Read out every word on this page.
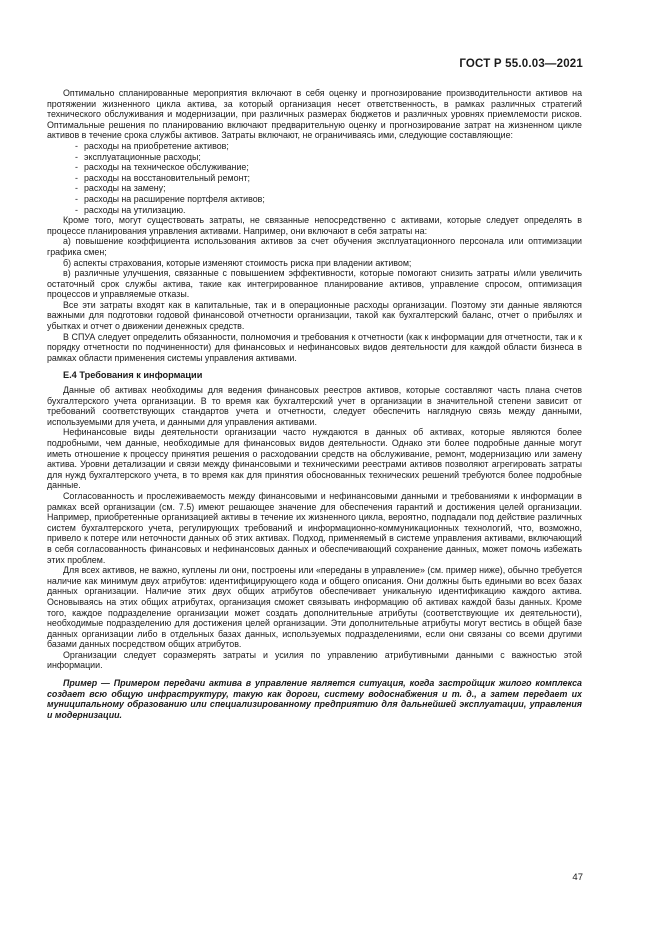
ГОСТ Р 55.0.03—2021

Оптимально спланированные мероприятия включают в себя оценку и прогнозирование производительности активов на протяжении жизненного цикла актива, за который организация несет ответственность, в рамках различных стратегий технического обслуживания и модернизации, при различных размерах бюджетов и различных уровнях приемлемости рисков. Оптимальные решения по планированию включают предварительную оценку и прогнозирование затрат на жизненном цикле активов в течение срока службы активов. Затраты включают, не ограничиваясь ими, следующие составляющие:

- расходы на приобретение активов;
- эксплуатационные расходы;
- расходы на техническое обслуживание;
- расходы на восстановительный ремонт;
- расходы на замену;
- расходы на расширение портфеля активов;
- расходы на утилизацию.

Кроме того, могут существовать затраты, не связанные непосредственно с активами, которые следует определять в процессе планирования управления активами. Например, они включают в себя затраты на:

а) повышение коэффициента использования активов за счет обучения эксплуатационного персонала или оптимизации графика смен;

б) аспекты страхования, которые изменяют стоимость риска при владении активом;

в) различные улучшения, связанные с повышением эффективности, которые помогают снизить затраты и/или увеличить остаточный срок службы актива, такие как интегрированное планирование активов, управление спросом, оптимизация процессов и управляемые отказы.

Все эти затраты входят как в капитальные, так и в операционные расходы организации. Поэтому эти данные являются важными для подготовки годовой финансовой отчетности организации, такой как бухгалтерский баланс, отчет о прибылях и убытках и отчет о движении денежных средств.

В СПУА следует определить обязанности, полномочия и требования к отчетности (как к информации для отчетности, так и к порядку отчетности по подчиненности) для финансовых и нефинансовых видов деятельности для каждой области бизнеса в рамках области применения системы управления активами.

Е.4 Требования к информации

Данные об активах необходимы для ведения финансовых реестров активов, которые составляют часть плана счетов бухгалтерского учета организации. В то время как бухгалтерский учет в организации в значительной степени зависит от требований соответствующих стандартов учета и отчетности, следует обеспечить наглядную связь между данными, используемыми для учета, и данными для управления активами.

Нефинансовые виды деятельности организации часто нуждаются в данных об активах, которые являются более подробными, чем данные, необходимые для финансовых видов деятельности. Однако эти более подробные данные могут иметь отношение к процессу принятия решения о расходовании средств на обслуживание, ремонт, модернизацию или замену актива. Уровни детализации и связи между финансовыми и техническими реестрами активов позволяют агрегировать затраты для нужд бухгалтерского учета, в то время как для принятия обоснованных технических решений требуются более подробные данные.

Согласованность и прослеживаемость между финансовыми и нефинансовыми данными и требованиями к информации в рамках всей организации (см. 7.5) имеют решающее значение для обеспечения гарантий и достижения целей организации. Например, приобретенные организацией активы в течение их жизненного цикла, вероятно, подпадали под действие различных систем бухгалтерского учета, регулирующих требований и информационно-коммуникационных технологий, что, возможно, привело к потере или неточности данных об этих активах. Подход, применяемый в системе управления активами, включающий в себя согласованность финансовых и нефинансовых данных и обеспечивающий сохранение данных, может помочь избежать этих проблем.

Для всех активов, не важно, куплены ли они, построены или «переданы в управление» (см. пример ниже), обычно требуется наличие как минимум двух атрибутов: идентифицирующего кода и общего описания. Они должны быть едиными во всех базах данных организации. Наличие этих двух общих атрибутов обеспечивает уникальную идентификацию каждого актива. Основываясь на этих общих атрибутах, организация сможет связывать информацию об активах каждой базы данных. Кроме того, каждое подразделение организации может создать дополнительные атрибуты (соответствующие их деятельности), необходимые подразделению для достижения целей организации. Эти дополнительные атрибуты могут вестись в общей базе данных организации либо в отдельных базах данных, используемых подразделениями, если они связаны со всеми другими базами данных посредством общих атрибутов.

Организации следует соразмерять затраты и усилия по управлению атрибутивными данными с важностью этой информации.

Пример — Примером передачи актива в управление является ситуация, когда застройщик жилого комплекса создает всю общую инфраструктуру, такую как дороги, систему водоснабжения и т. д., а затем передает их муниципальному образованию или специализированному предприятию для дальнейшей эксплуатации, управления и модернизации.

47
